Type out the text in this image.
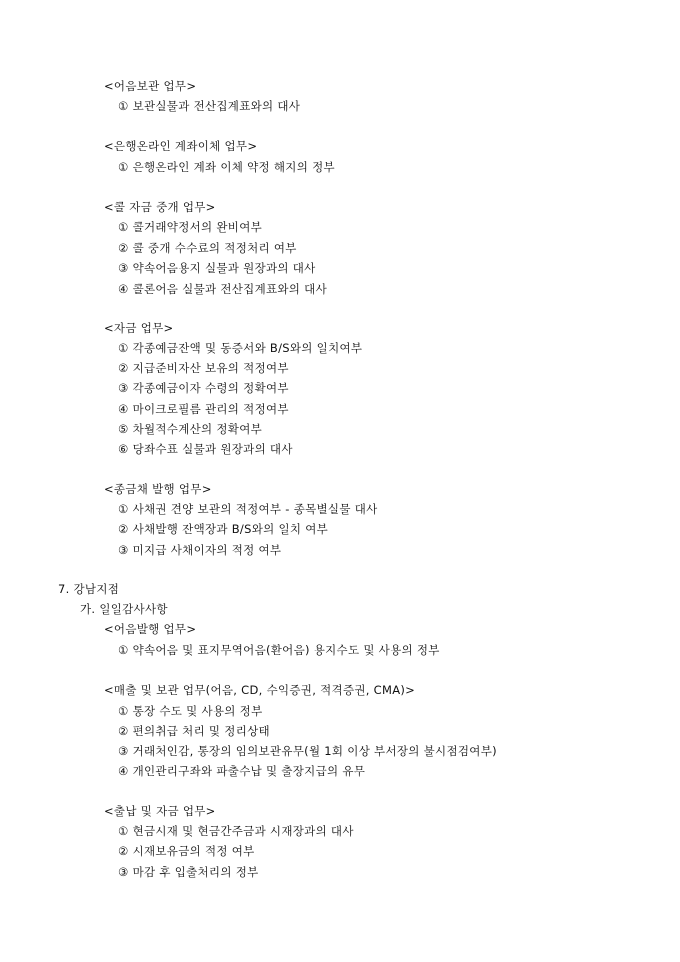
<어음보관 업무>
① 보관실물과 전산집계표와의 대사
<은행온라인 계좌이체 업무>
① 은행온라인 계좌 이체 약정 해지의 정부
<콜 자금 중개 업무>
① 콜거래약정서의 완비여부
② 콜 중개 수수료의 적정처리 여부
③ 약속어음용지 실물과 원장과의 대사
④ 콜론어음 실물과 전산집계표와의 대사
<자금 업무>
① 각종예금잔액 및 동증서와 B/S와의 일치여부
② 지급준비자산 보유의 적정여부
③ 각종예금이자 수령의 정확여부
④ 마이크로필름 관리의 적정여부
⑤ 차월적수계산의 정확여부
⑥ 당좌수표 실물과 원장과의 대사
<종금채 발행 업무>
① 사채권 견양 보관의 적정여부 - 종목별실물 대사
② 사채발행 잔액장과 B/S와의 일치 여부
③ 미지급 사채이자의 적정 여부
7. 강남지점
가. 일일감사사항
<어음발행 업무>
① 약속어음 및 표지무역어음(환어음) 용지수도 및 사용의 정부
<매출 및 보관 업무(어음, CD, 수익증권, 적격증권, CMA)>
① 통장 수도 및 사용의 정부
② 편의취급 처리 및 정리상태
③ 거래처인감, 통장의 임의보관유무(월 1회 이상 부서장의 불시점검여부)
④ 개인관리구좌와 파출수납 및 출장지급의 유무
<출납 및 자금 업무>
① 현금시재 및 현금간주금과 시재장과의 대사
② 시재보유금의 적정 여부
③ 마감 후 입출처리의 정부
